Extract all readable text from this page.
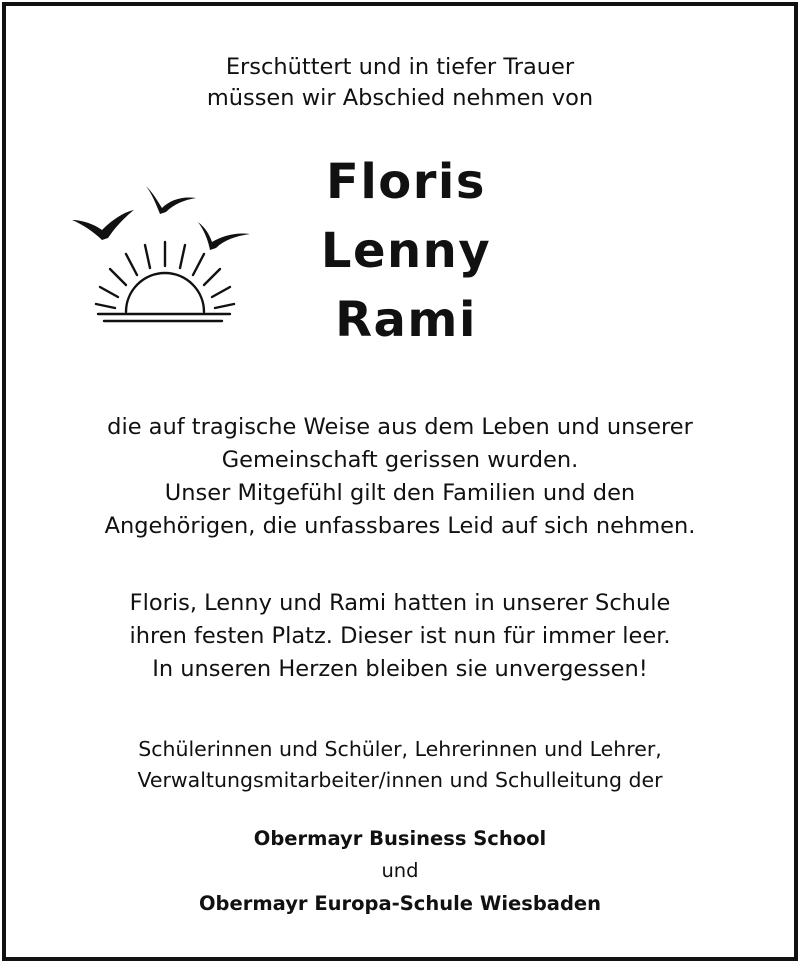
Erschüttert und in tiefer Trauer
müssen wir Abschied nehmen von
Floris
Lenny
Rami
die auf tragische Weise aus dem Leben und unserer
Gemeinschaft gerissen wurden.
Unser Mitgefühl gilt den Familien und den
Angehörigen, die unfassbares Leid auf sich nehmen.
Floris, Lenny und Rami hatten in unserer Schule
ihren festen Platz. Dieser ist nun für immer leer.
In unseren Herzen bleiben sie unvergessen!
Schülerinnen und Schüler, Lehrerinnen und Lehrer,
Verwaltungsmitarbeiter/innen und Schulleitung der
Obermayr Business School
und
Obermayr Europa-Schule Wiesbaden
